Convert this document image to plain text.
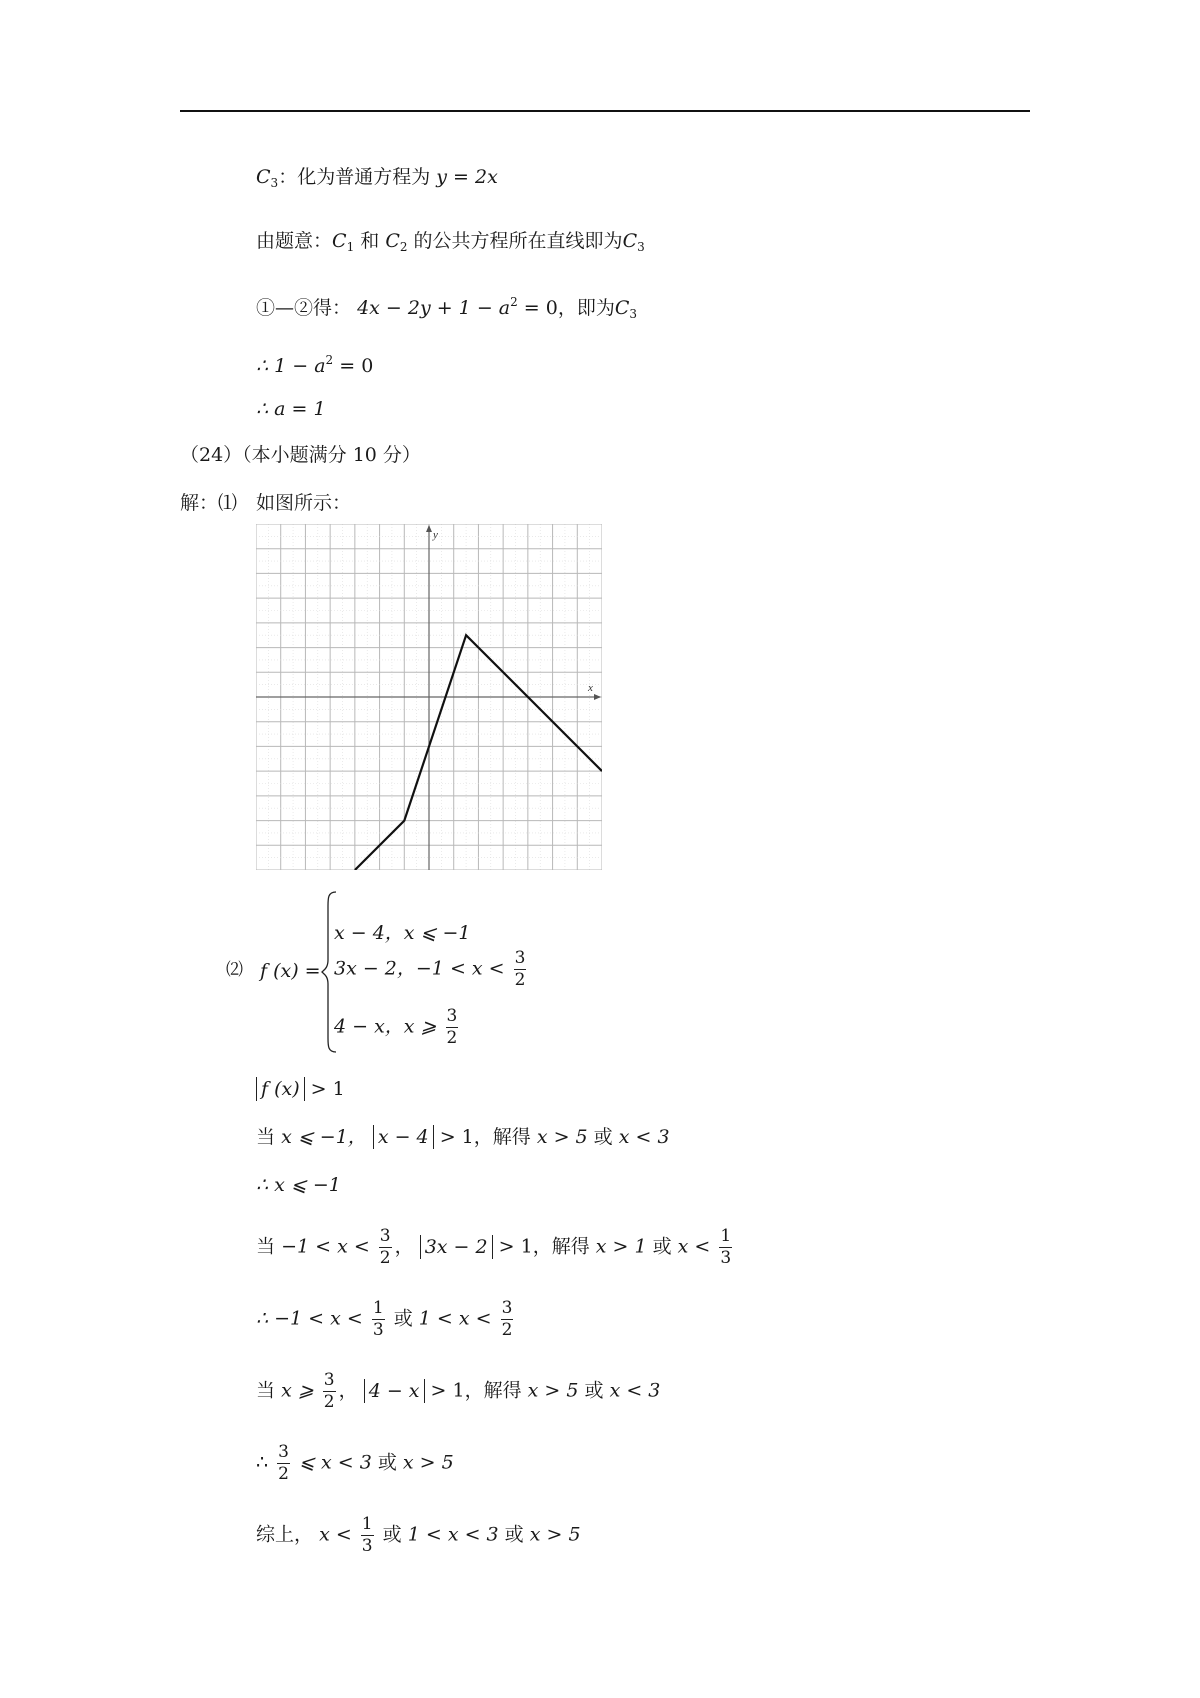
$C_3$：化为普通方程为 y = 2x
由题意：$C_1$ 和 $C_2$ 的公共方程所在直线即为$C_3$
①—②得： $4x - 2y + 1 - a^2 = 0$，即为$C_3$
∴ $1 - a^2 = 0$
∴ a = 1
（24）（本小题满分 10 分）
解：⑴　如图所示：
x
y
⑵ f (x) =
x − 4，x ⩽ −1
3x − 2，$-1 < x < \frac{3}{2}$
4 − x，x ⩾ $\frac{3}{2}$
f (x) > 1
当 x ⩽ −1， x − 4 > 1，解得 x > 5 或 x < 3
∴ x ⩽ −1
当 $-1 < x < \frac{3}{2}$ ， 3x − 2 > 1，解得 x > 1 或 $x < \frac{1}{3}$
∴ $-1 < x < \frac{1}{3}$ 或 $1 < x < \frac{3}{2}$
当 x ⩾ $\frac{3}{2}$ ， 4 − x > 1，解得 x > 5 或 x < 3
∴ $\frac{3}{2}$ ⩽ x < 3 或 x > 5
综上， $x < \frac{1}{3}$ 或 1 < x < 3 或 x > 5
